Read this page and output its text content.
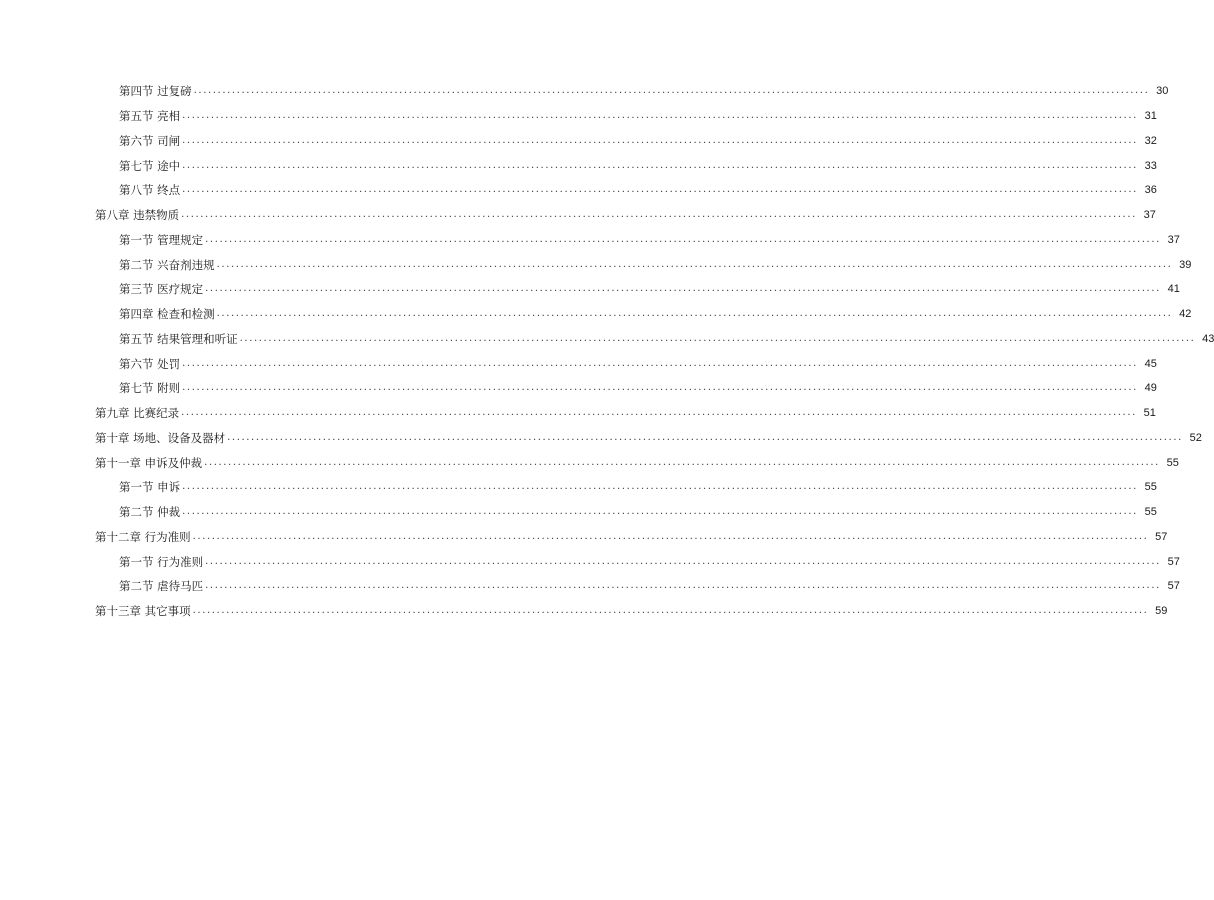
第四节 过复磅 ........................................................................................................................................................................................................ 30
第五节 亮相 ........................................................................................................................................................................................................ 31
第六节 司闸 ........................................................................................................................................................................................................ 32
第七节 途中 ........................................................................................................................................................................................................ 33
第八节 终点 ........................................................................................................................................................................................................ 36
第八章 违禁物质 ........................................................................................................................................................................................................ 37
第一节 管理规定 ........................................................................................................................................................................................................ 37
第二节 兴奋剂违规 ........................................................................................................................................................................................................ 39
第三节 医疗规定 ........................................................................................................................................................................................................ 41
第四章 检查和检测 ........................................................................................................................................................................................................ 42
第五节 结果管理和听证 ........................................................................................................................................................................................................ 43
第六节 处罚 ........................................................................................................................................................................................................ 45
第七节 附则 ........................................................................................................................................................................................................ 49
第九章 比赛纪录 ........................................................................................................................................................................................................ 51
第十章 场地、设备及器材 ........................................................................................................................................................................................................ 52
第十一章 申诉及仲裁 ........................................................................................................................................................................................................ 55
第一节 申诉 ........................................................................................................................................................................................................ 55
第二节 仲裁 ........................................................................................................................................................................................................ 55
第十二章 行为准则 ........................................................................................................................................................................................................ 57
第一节 行为准则 ........................................................................................................................................................................................................ 57
第二节 虐待马匹 ........................................................................................................................................................................................................ 57
第十三章 其它事项 ........................................................................................................................................................................................................ 59
